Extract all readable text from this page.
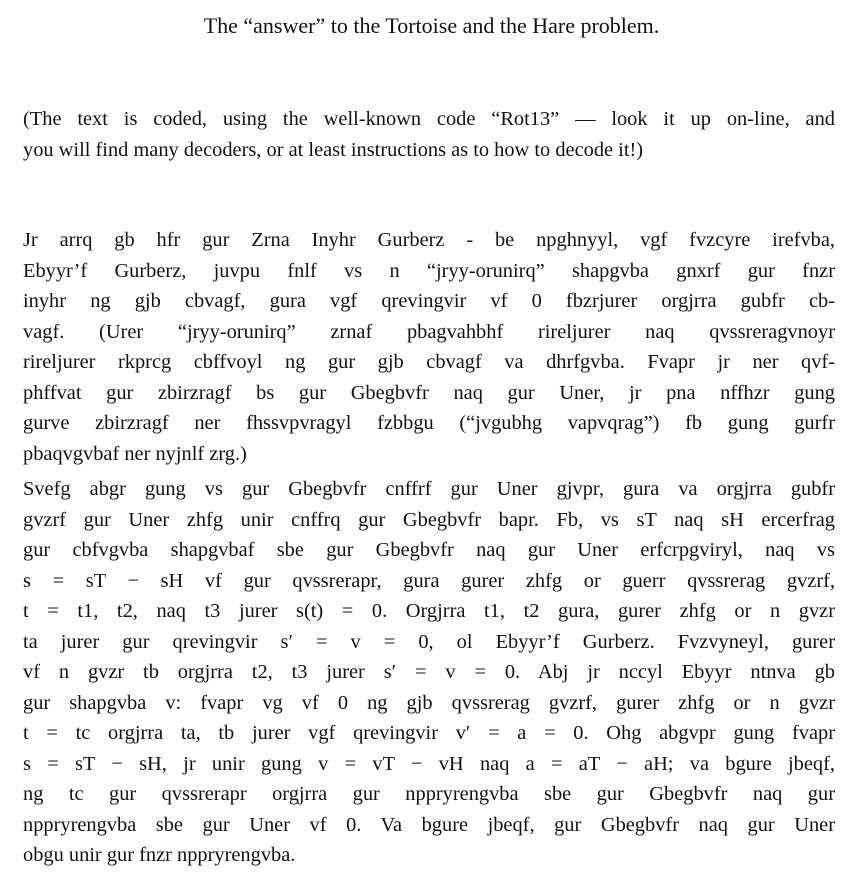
The “answer” to the Tortoise and the Hare problem.
(The text is coded, using the well-known code “Rot13” — look it up on-line, and
you will find many decoders, or at least instructions as to how to decode it!)
Jr arrq gb hfr gur Zrna Inyhr Gurberz - be npghnyyl, vgf fvzcyre irefvba,
Ebyyr’f Gurberz, juvpu fnlf vs n “jryy-orunirq” shapgvba gnxrf gur fnzr
inyhr ng gjb cbvagf, gura vgf qrevingvir vf 0 fbzrjurer orgjrra gubfr cb-
vagf. (Urer “jryy-orunirq” zrnaf pbagvahbhf rireljurer naq qvssreragvnoyr
rireljurer rkprcg cbffvoyl ng gur gjb cbvagf va dhrfgvba. Fvapr jr ner qvf-
phffvat gur zbirzragf bs gur Gbegbvfr naq gur Uner, jr pna nffhzr gung
gurve zbirzragf ner fhssvpvragyl fzbbgu (“jvgubhg vapvqrag”) fb gung gurfr
pbaqvgvbaf ner nyjnlf zrg.)
Svefg abgr gung vs gur Gbegbvfr cnffrf gur Uner gjvpr, gura va orgjrra gubfr
gvzrf gur Uner zhfg unir cnffrq gur Gbegbvfr bapr. Fb, vs sT naq sH ercerfrag
gur cbfvgvba shapgvbaf sbe gur Gbegbvfr naq gur Uner erfcrpgviryl, naq vs
s = sT − sH vf gur qvssrerapr, gura gurer zhfg or guerr qvssrerag gvzrf,
t = t1, t2, naq t3 jurer s(t) = 0. Orgjrra t1, t2 gura, gurer zhfg or n gvzr
ta jurer gur qrevingvir s′ = v = 0, ol Ebyyr’f Gurberz. Fvzvyneyl, gurer
vf n gvzr tb orgjrra t2, t3 jurer s′ = v = 0. Abj jr nccyl Ebyyr ntnva gb
gur shapgvba v: fvapr vg vf 0 ng gjb qvssrerag gvzrf, gurer zhfg or n gvzr
t = tc orgjrra ta, tb jurer vgf qrevingvir v′ = a = 0. Ohg abgvpr gung fvapr
s = sT − sH, jr unir gung v = vT − vH naq a = aT − aH; va bgure jbeqf,
ng tc gur qvssrerapr orgjrra gur nppryrengvba sbe gur Gbegbvfr naq gur
nppryrengvba sbe gur Uner vf 0. Va bgure jbeqf, gur Gbegbvfr naq gur Uner
obgu unir gur fnzr nppryrengvba.
